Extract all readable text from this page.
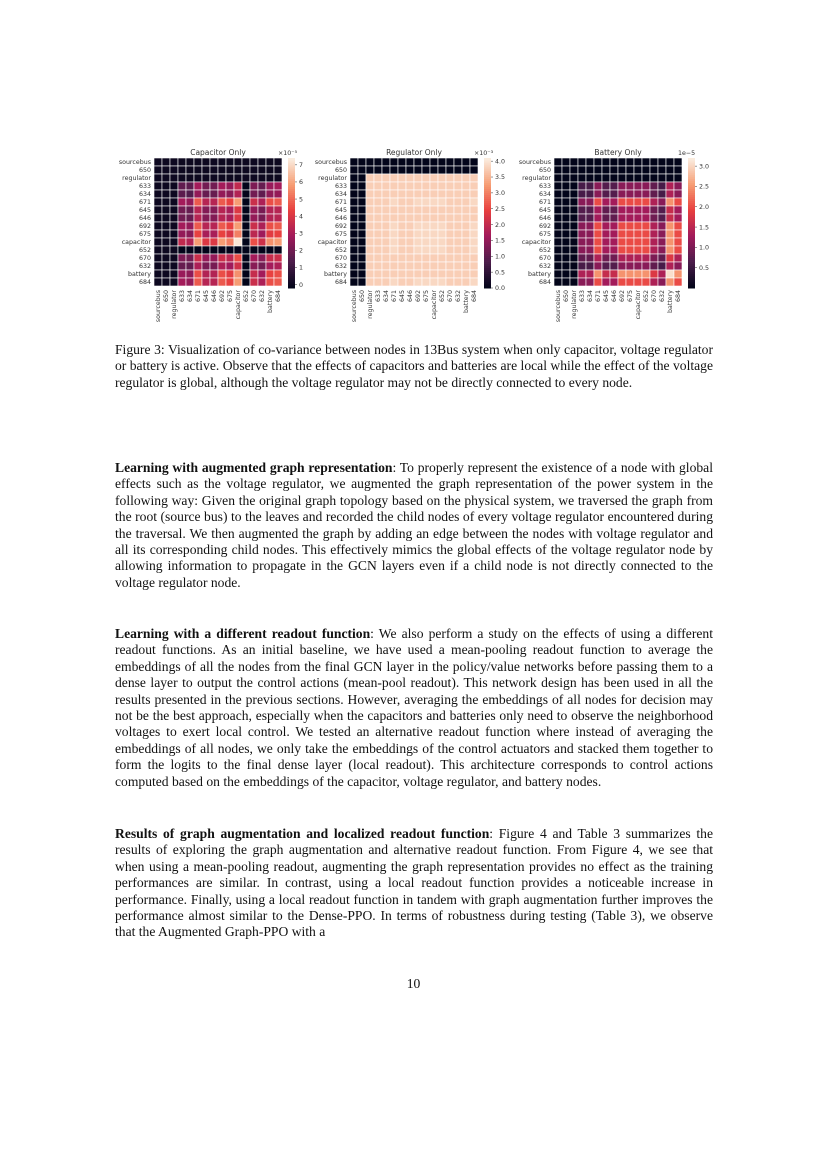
Capacitor Only
sourcebus
sourcebus
650
650
regulator
regulator
633
633
634
634
671
671
645
645
646
646
692
692
675
675
capacitor
capacitor
652
652
670
670
632
632
battery
battery
684
684
0
1
2
3
4
5
6
7
×10⁻⁵	Regulator Only
sourcebus
sourcebus
650
650
regulator
regulator
633
633
634
634
671
671
645
645
646
646
692
692
675
675
capacitor
capacitor
652
652
670
670
632
632
battery
battery
684
684
0.0
0.5
1.0
1.5
2.0
2.5
3.0
3.5
4.0
×10⁻³	Battery Only
sourcebus
sourcebus
650
650
regulator
regulator
633
633
634
634
671
671
645
645
646
646
692
692
675
675
capacitor
capacitor
652
652
670
670
632
632
battery
battery
684
684
0.5
1.0
1.5
2.0
2.5
3.0
1e−5
Figure 3: Visualization of co-variance between nodes in 13Bus system when only capacitor, voltage regulator or battery is active. Observe that the effects of capacitors and batteries are local while the effect of the voltage regulator is global, although the voltage regulator may not be directly connected to every node.
Learning with augmented graph representation: To properly represent the existence of a node with global effects such as the voltage regulator, we augmented the graph representation of the power system in the following way: Given the original graph topology based on the physical system, we traversed the graph from the root (source bus) to the leaves and recorded the child nodes of every voltage regulator encountered during the traversal. We then augmented the graph by adding an edge between the nodes with voltage regulator and all its corresponding child nodes. This effectively mimics the global effects of the voltage regulator node by allowing information to propagate in the GCN layers even if a child node is not directly connected to the voltage regulator node.
Learning with a different readout function: We also perform a study on the effects of using a different readout functions. As an initial baseline, we have used a mean-pooling readout function to average the embeddings of all the nodes from the final GCN layer in the policy/value networks before passing them to a dense layer to output the control actions (mean-pool readout). This network design has been used in all the results presented in the previous sections. However, averaging the embeddings of all nodes for decision may not be the best approach, especially when the capacitors and batteries only need to observe the neighborhood voltages to exert local control. We tested an alternative readout function where instead of averaging the embeddings of all nodes, we only take the embeddings of the control actuators and stacked them together to form the logits to the final dense layer (local readout). This architecture corresponds to control actions computed based on the embeddings of the capacitor, voltage regulator, and battery nodes.
Results of graph augmentation and localized readout function: Figure 4 and Table 3 summarizes the results of exploring the graph augmentation and alternative readout function. From Figure 4, we see that when using a mean-pooling readout, augmenting the graph representation provides no effect as the training performances are similar. In contrast, using a local readout function provides a noticeable increase in performance. Finally, using a local readout function in tandem with graph augmentation further improves the performance almost similar to the Dense-PPO. In terms of robustness during testing (Table 3), we observe that the Augmented Graph-PPO with a
10
